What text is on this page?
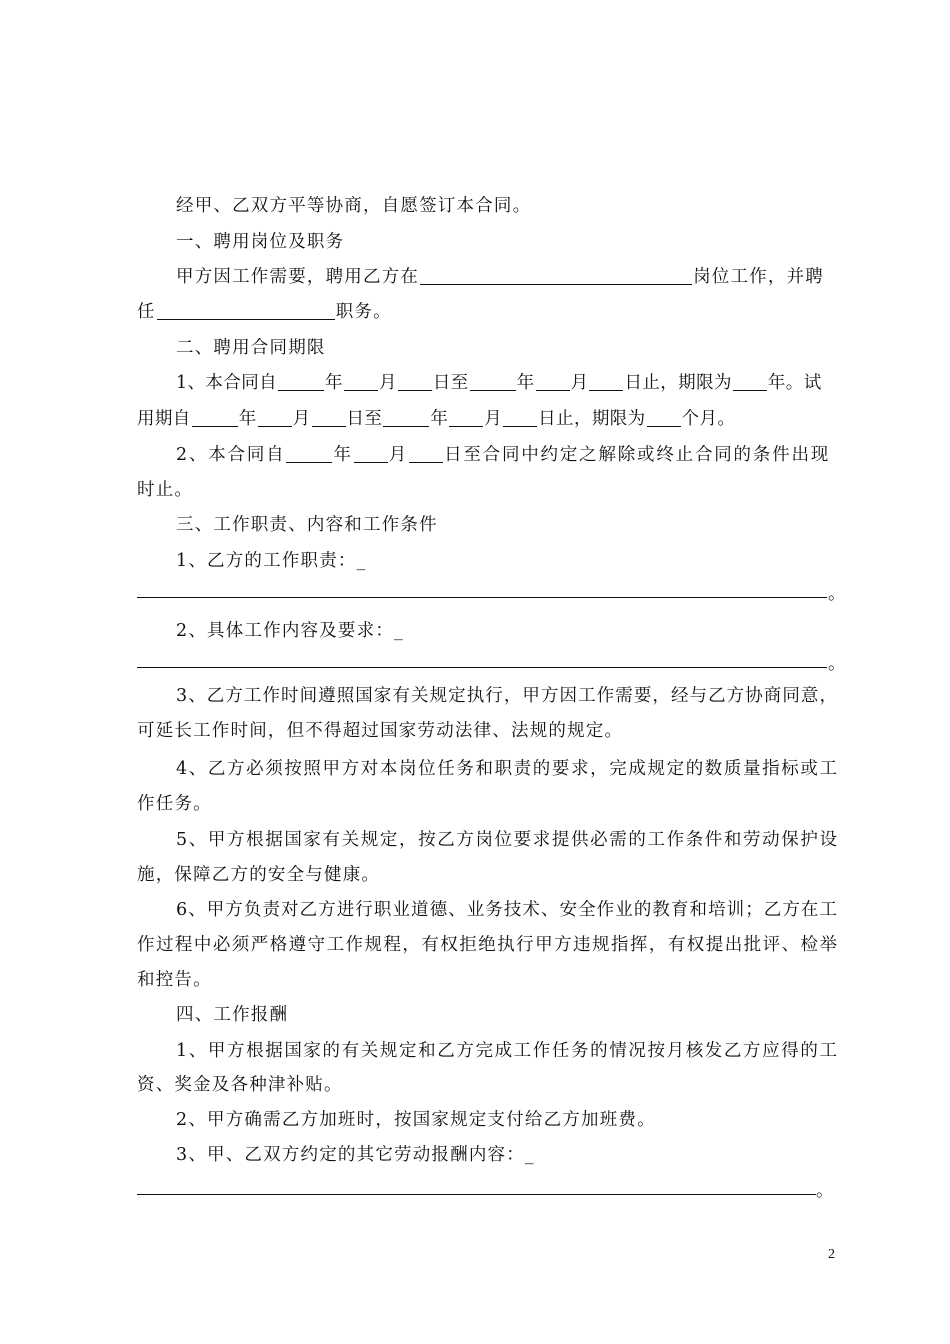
经甲、乙双方平等协商，自愿签订本合同。
一、聘用岗位及职务
甲方因工作需要，聘用乙方在	岗位工作，并聘
任	职务。
二、聘用合同期限
1、本合同自	年 月 日至	年 月 日止，期限为 年。试
用期自	年 月 日至	年 月 日止，期限为 个月。
2、本合同自	年 月 日至合同中约定之解除或终止合同的条件出现
时止。
三、工作职责、内容和工作条件
1、乙方的工作职责：_
。
2、具体工作内容及要求：_
。
3、乙方工作时间遵照国家有关规定执行，甲方因工作需要，经与乙方协商同意，
可延长工作时间，但不得超过国家劳动法律、法规的规定。
4、乙方必须按照甲方对本岗位任务和职责的要求，完成规定的数质量指标或工
作任务。
5、甲方根据国家有关规定，按乙方岗位要求提供必需的工作条件和劳动保护设
施，保障乙方的安全与健康。
6、甲方负责对乙方进行职业道德、业务技术、安全作业的教育和培训；乙方在工
作过程中必须严格遵守工作规程，有权拒绝执行甲方违规指挥，有权提出批评、检举
和控告。
四、工作报酬
1、甲方根据国家的有关规定和乙方完成工作任务的情况按月核发乙方应得的工
资、奖金及各种津补贴。
2、甲方确需乙方加班时，按国家规定支付给乙方加班费。
3、甲、乙双方约定的其它劳动报酬内容：_
。
2
